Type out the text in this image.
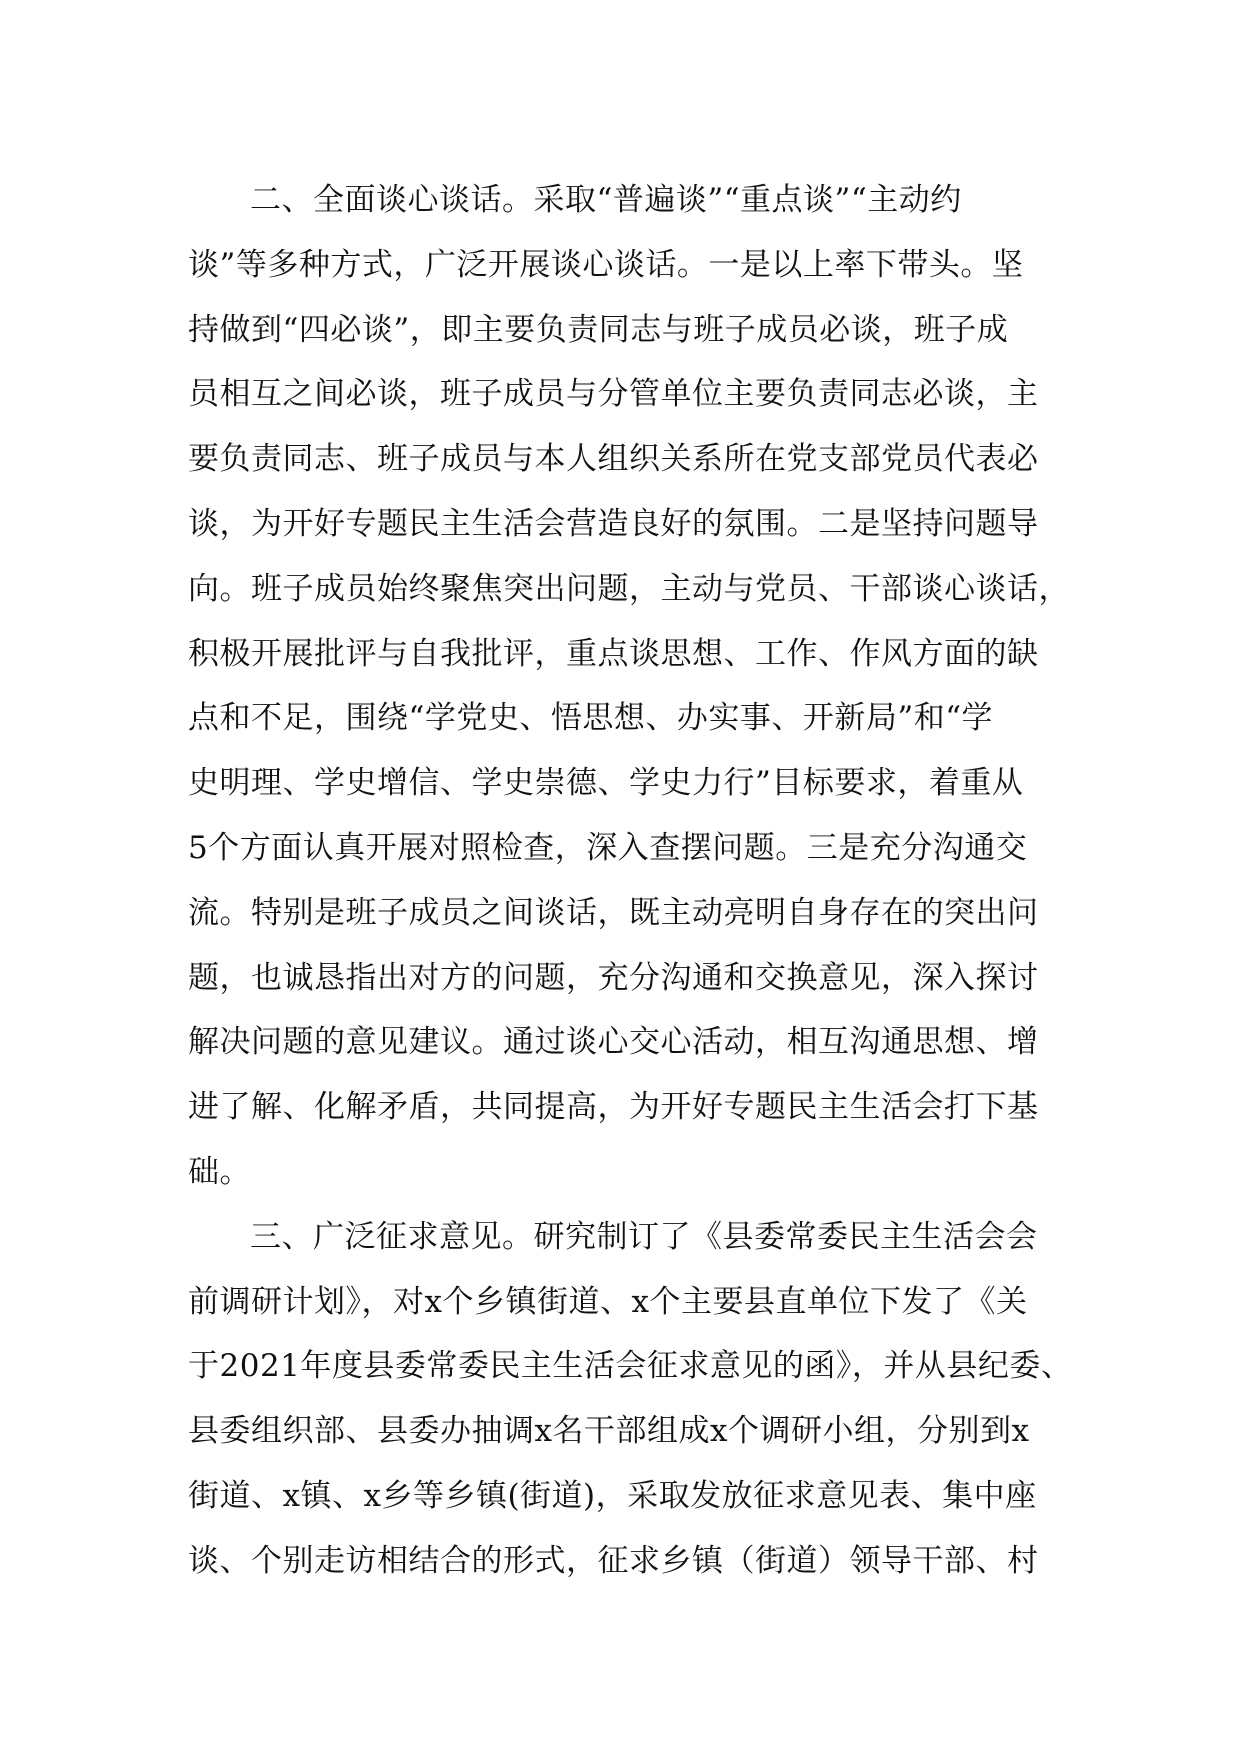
二、全面谈心谈话。采取“普遍谈”“重点谈”“主动约
谈”等多种方式，广泛开展谈心谈话。一是以上率下带头。坚
持做到“四必谈”，即主要负责同志与班子成员必谈，班子成
员相互之间必谈，班子成员与分管单位主要负责同志必谈，主
要负责同志、班子成员与本人组织关系所在党支部党员代表必
谈，为开好专题民主生活会营造良好的氛围。二是坚持问题导
向。班子成员始终聚焦突出问题，主动与党员、干部谈心谈话，
积极开展批评与自我批评，重点谈思想、工作、作风方面的缺
点和不足，围绕“学党史、悟思想、办实事、开新局”和“学
史明理、学史增信、学史崇德、学史力行”目标要求，着重从
5个方面认真开展对照检查，深入查摆问题。三是充分沟通交
流。特别是班子成员之间谈话，既主动亮明自身存在的突出问
题，也诚恳指出对方的问题，充分沟通和交换意见，深入探讨
解决问题的意见建议。通过谈心交心活动，相互沟通思想、增
进了解、化解矛盾，共同提高，为开好专题民主生活会打下基
础。
三、广泛征求意见。研究制订了《县委常委民主生活会会
前调研计划》，对x个乡镇街道、x个主要县直单位下发了《关
于2021年度县委常委民主生活会征求意见的函》，并从县纪委、
县委组织部、县委办抽调x名干部组成x个调研小组，分别到x
街道、x镇、x乡等乡镇(街道)，采取发放征求意见表、集中座
谈、个别走访相结合的形式，征求乡镇（街道）领导干部、村
